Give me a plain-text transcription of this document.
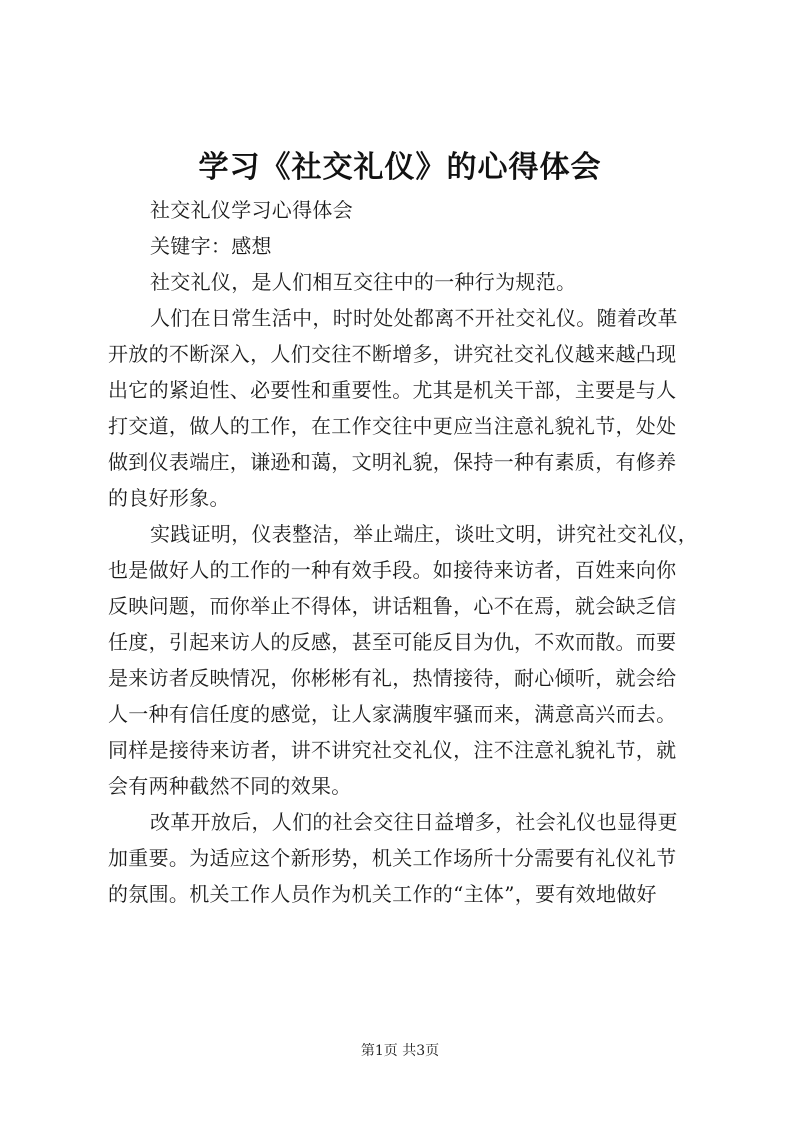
学习《社交礼仪》的心得体会
社交礼仪学习心得体会
关键字：感想
社交礼仪，是人们相互交往中的一种行为规范。
人们在日常生活中，时时处处都离不开社交礼仪。随着改革
开放的不断深入，人们交往不断增多，讲究社交礼仪越来越凸现
出它的紧迫性、必要性和重要性。尤其是机关干部，主要是与人
打交道，做人的工作，在工作交往中更应当注意礼貌礼节，处处
做到仪表端庄，谦逊和蔼，文明礼貌，保持一种有素质，有修养
的良好形象。
实践证明，仪表整洁，举止端庄，谈吐文明，讲究社交礼仪，
也是做好人的工作的一种有效手段。如接待来访者，百姓来向你
反映问题，而你举止不得体，讲话粗鲁，心不在焉，就会缺乏信
任度，引起来访人的反感，甚至可能反目为仇，不欢而散。而要
是来访者反映情况，你彬彬有礼，热情接待，耐心倾听，就会给
人一种有信任度的感觉，让人家满腹牢骚而来，满意高兴而去。
同样是接待来访者，讲不讲究社交礼仪，注不注意礼貌礼节，就
会有两种截然不同的效果。
改革开放后，人们的社会交往日益增多，社会礼仪也显得更
加重要。为适应这个新形势，机关工作场所十分需要有礼仪礼节
的氛围。机关工作人员作为机关工作的“主体”，要有效地做好
第1页 共3页
